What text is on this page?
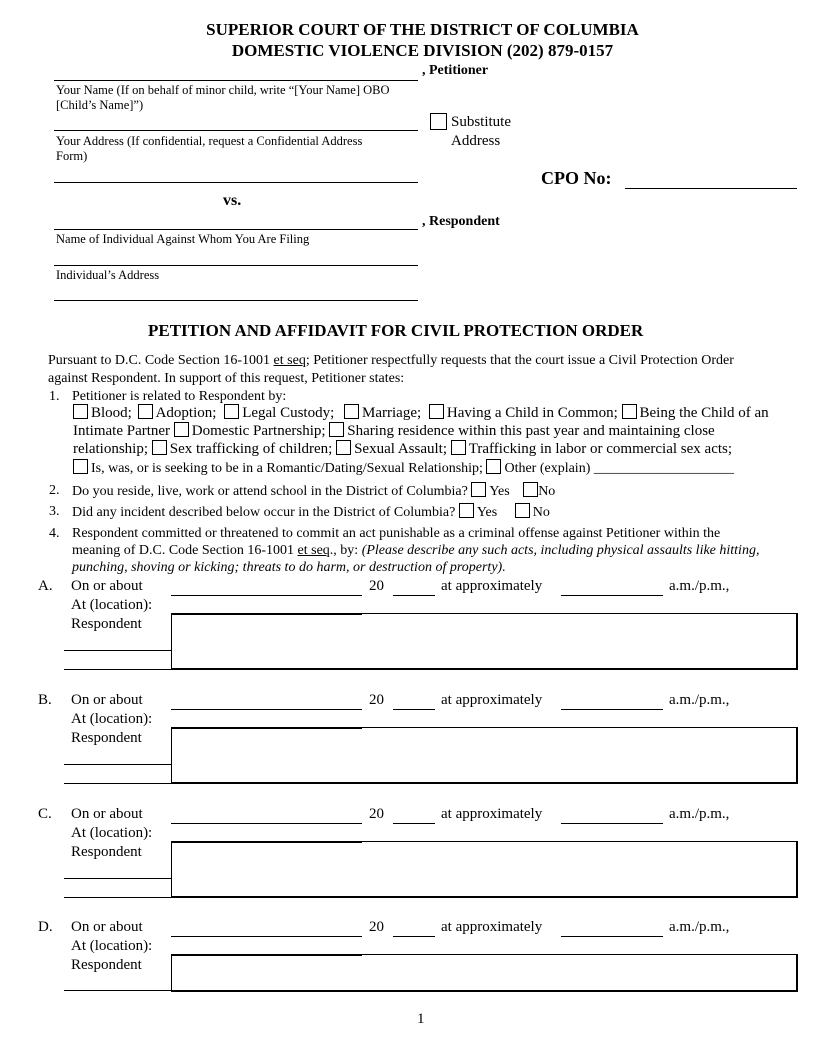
SUPERIOR COURT OF THE DISTRICT OF COLUMBIA
DOMESTIC VIOLENCE DIVISION (202) 879-0157
, Petitioner
Your Name (If on behalf of minor child, write “[Your Name] OBO
[Child’s Name]”)
Your Address (If confidential, request a Confidential Address
Form)
Substitute
Address
CPO No:
vs.
, Respondent
Name of Individual Against Whom You Are Filing
Individual’s Address
PETITION AND AFFIDAVIT FOR CIVIL PROTECTION ORDER
Pursuant to D.C. Code Section 16-1001 et seq; Petitioner respectfully requests that the court issue a Civil Protection Order
against Respondent. In support of this request, Petitioner states:
1. Petitioner is related to Respondent by:
Blood; Adoption; Legal Custody; Marriage; Having a Child in Common; Being the Child of an
Intimate Partner Domestic Partnership; Sharing residence within this past year and maintaining close
relationship; Sex trafficking of children; Sexual Assault; Trafficking in labor or commercial sex acts;
Is, was, or is seeking to be in a Romantic/Dating/Sexual Relationship; Other (explain) ____________________
2. Do you reside, live, work or attend school in the District of Columbia? Yes No
3. Did any incident described below occur in the District of Columbia? Yes	No
4. Respondent committed or threatened to commit an act punishable as a criminal offense against Petitioner within the
meaning of D.C. Code Section 16-1001 et seq., by: (Please describe any such acts, including physical assaults like hitting,
punching, shoving or kicking; threats to do harm, or destruction of property).
A. On or about	20	at approximately	a.m./p.m.,
At (location):
Respondent
B. On or about	20	at approximately	a.m./p.m.,
At (location):
Respondent
C. On or about	20	at approximately	a.m./p.m.,
At (location):
Respondent
D. On or about	20	at approximately	a.m./p.m.,
At (location):
Respondent
1
